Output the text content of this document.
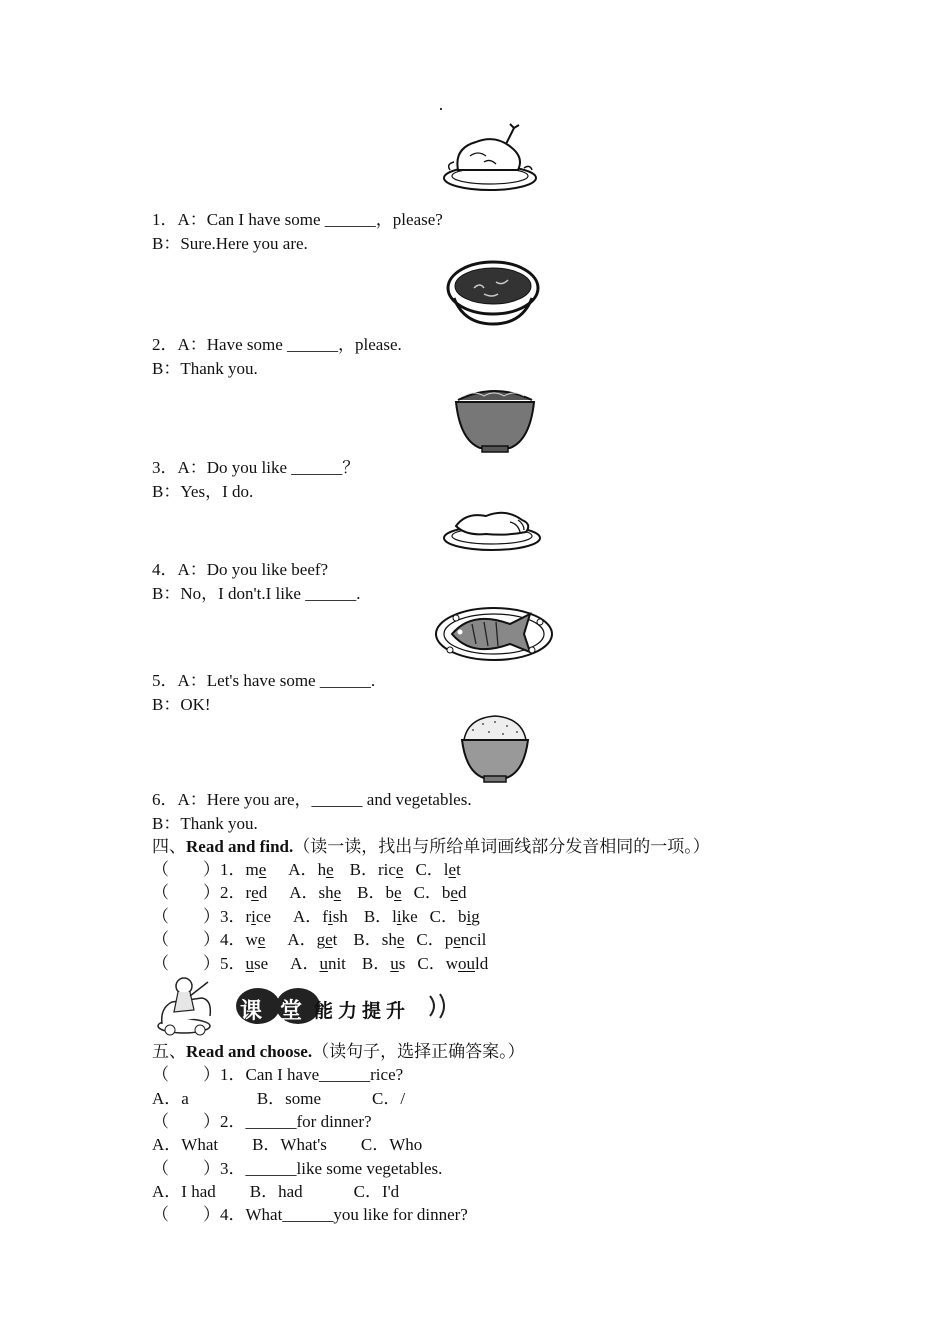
1．A：Can I have some ______，please?
B：Sure.Here you are.
2．A：Have some ______，please.
B：Thank you.
3．A：Do you like ______？
B：Yes，I do.
4．A：Do you like beef?
B：No，I don't.I like ______.
5．A：Let's have some ______.
B：OK!
6．A：Here you are，______ and vegetables.
B：Thank you.
四、Read and find.（读一读，找出与所给单词画线部分发音相同的一项。）
（　　）1．me A．he B．rice C．let
（　　）2．red A．she B．be C．bed
（　　）3．rice A．fish B．like C．big
（　　）4．we A．get B．she C．pencil
（　　）5．use A．unit B．us C．would
课 堂 能 力 提 升
五、Read and choose.（读句子，选择正确答案。）
（　　）1．Can I have______rice?
A．a　　　　B．some　　　C．/
（　　）2．______for dinner?
A．What　　B．What's　　C．Who
（　　）3．______like some vegetables.
A．I had　　B．had　　　C．I'd
（　　）4．What______you like for dinner?
